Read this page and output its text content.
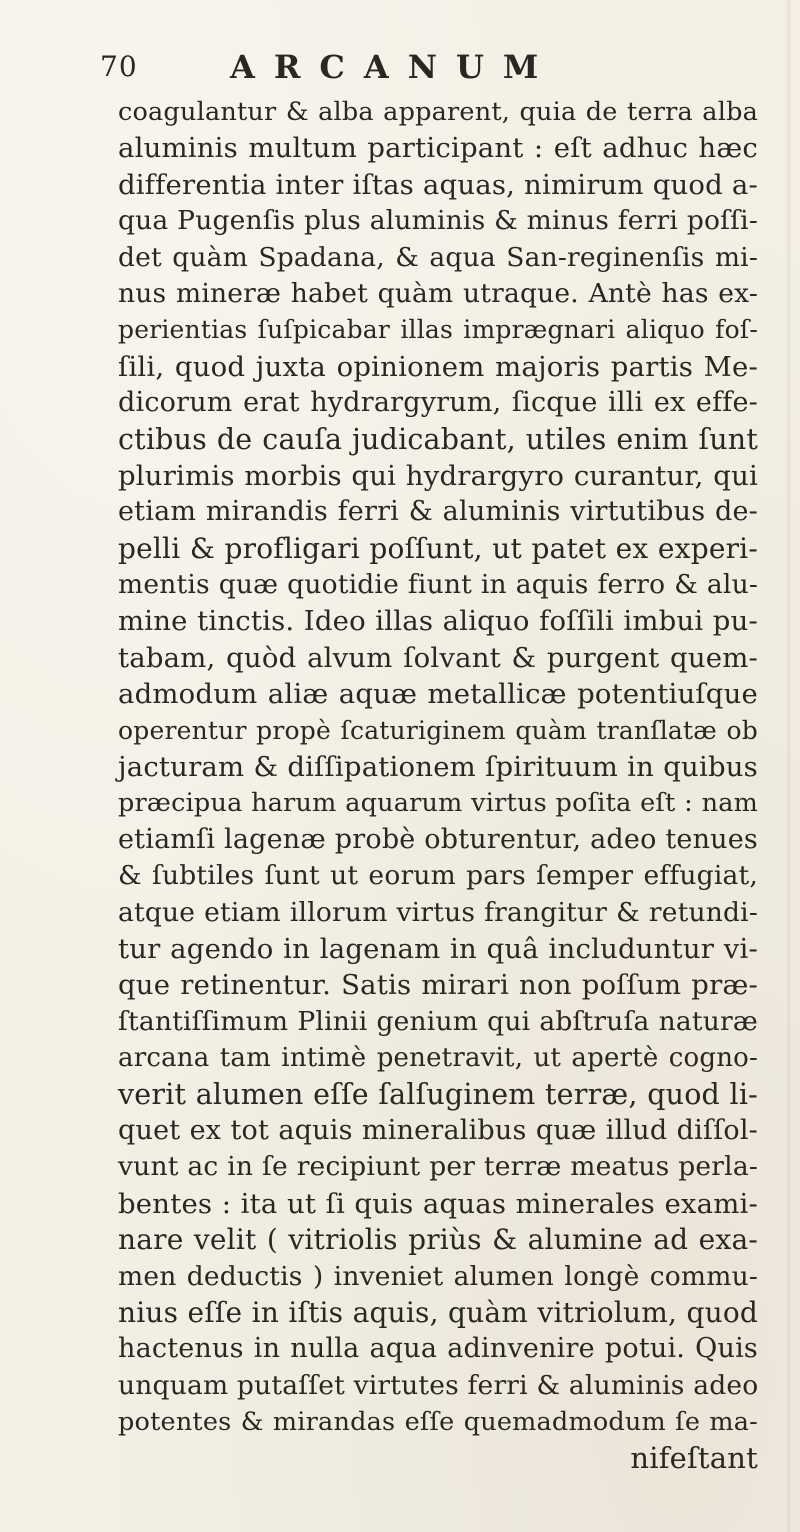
70	ARCANUM
coagulantur & alba apparent, quia de terra alba
aluminis multum participant : eſt adhuc hæc
differentia inter iſtas aquas, nimirum quod a-
qua Pugenſis plus aluminis & minus ferri poſſi-
det quàm Spadana, & aqua San-reginenſis mi-
nus mineræ habet quàm utraque. Antè has ex-
perientias ſuſpicabar illas imprægnari aliquo foſ-
ſili, quod juxta opinionem majoris partis Me-
dicorum erat hydrargyrum, ſicque illi ex effe-
ctibus de cauſa judicabant, utiles enim ſunt
plurimis morbis qui hydrargyro curantur, qui
etiam mirandis ferri & aluminis virtutibus de-
pelli & profligari poſſunt, ut patet ex experi-
mentis quæ quotidie fiunt in aquis ferro & alu-
mine tinctis. Ideo illas aliquo foſſili imbui pu-
tabam, quòd alvum ſolvant & purgent quem-
admodum aliæ aquæ metallicæ potentiuſque
operentur propè ſcaturiginem quàm tranſlatæ ob
jacturam & diſſipationem ſpirituum in quibus
præcipua harum aquarum virtus poſita eſt : nam
etiamſi lagenæ probè obturentur, adeo tenues
& ſubtiles ſunt ut eorum pars ſemper effugiat,
atque etiam illorum virtus frangitur & retundi-
tur agendo in lagenam in quâ includuntur vi-
que retinentur. Satis mirari non poſſum præ-
ſtantiſſimum Plinii genium qui abſtruſa naturæ
arcana tam intimè penetravit, ut apertè cogno-
verit alumen eſſe ſalſuginem terræ, quod li-
quet ex tot aquis mineralibus quæ illud diſſol-
vunt ac in ſe recipiunt per terræ meatus perla-
bentes : ita ut ſi quis aquas minerales exami-
nare velit ( vitriolis priùs & alumine ad exa-
men deductis ) inveniet alumen longè commu-
nius eſſe in iſtis aquis, quàm vitriolum, quod
hactenus in nulla aqua adinvenire potui. Quis
unquam putaſſet virtutes ferri & aluminis adeo
potentes & mirandas eſſe quemadmodum ſe ma-
nifeſtant
